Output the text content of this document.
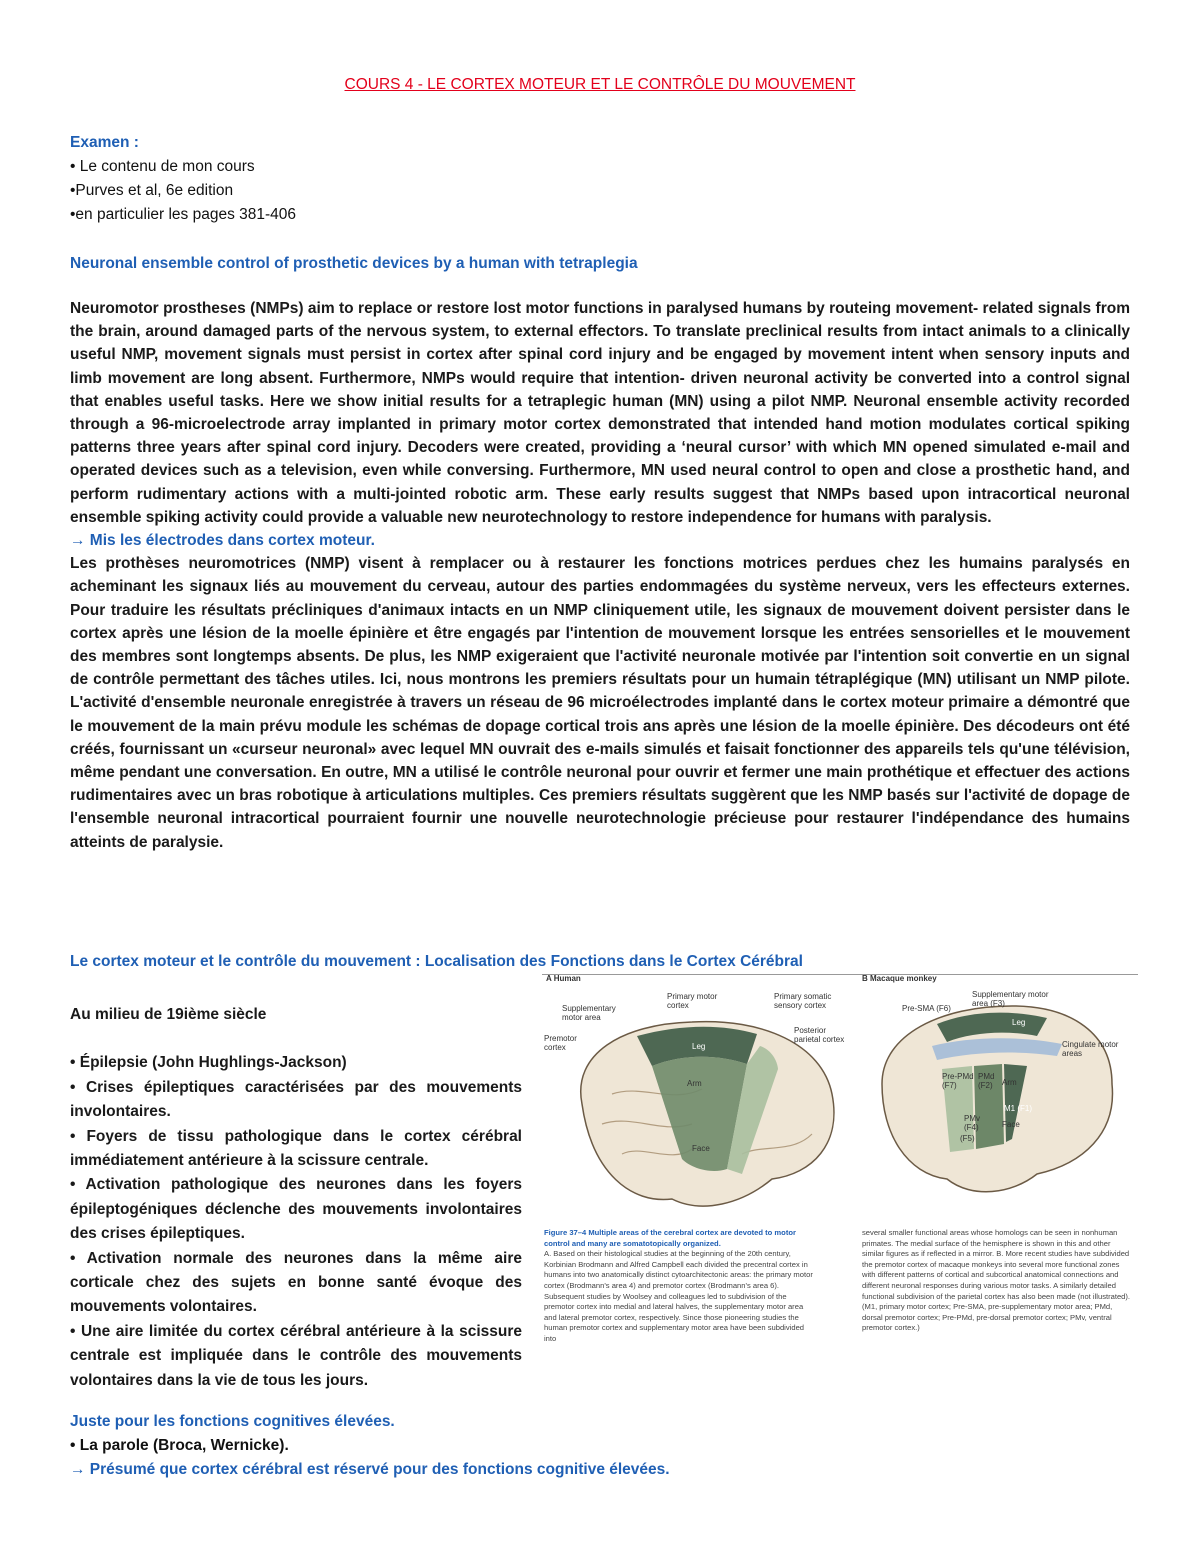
COURS 4 - LE CORTEX MOTEUR ET LE CONTRÔLE DU MOUVEMENT
Examen :
• Le contenu de mon cours
•Purves et al, 6e edition
•en particulier les pages 381-406
Neuronal ensemble control of prosthetic devices by a human with tetraplegia

Neuromotor prostheses (NMPs) aim to replace or restore lost motor functions in paralysed humans by routeing movement- related signals from the brain, around damaged parts of the nervous system, to external effectors. To translate preclinical results from intact animals to a clinically useful NMP, movement signals must persist in cortex after spinal cord injury and be engaged by movement intent when sensory inputs and limb movement are long absent. Furthermore, NMPs would require that intention- driven neuronal activity be converted into a control signal that enables useful tasks. Here we show initial results for a tetraplegic human (MN) using a pilot NMP. Neuronal ensemble activity recorded through a 96-microelectrode array implanted in primary motor cortex demonstrated that intended hand motion modulates cortical spiking patterns three years after spinal cord injury. Decoders were created, providing a ‘neural cursor’ with which MN opened simulated e-mail and operated devices such as a television, even while conversing. Furthermore, MN used neural control to open and close a prosthetic hand, and perform rudimentary actions with a multi-jointed robotic arm. These early results suggest that NMPs based upon intracortical neuronal ensemble spiking activity could provide a valuable new neurotechnology to restore independence for humans with paralysis.

→ Mis les électrodes dans cortex moteur.

Les prothèses neuromotrices (NMP) visent à remplacer ou à restaurer les fonctions motrices perdues chez les humains paralysés en acheminant les signaux liés au mouvement du cerveau, autour des parties endommagées du système nerveux, vers les effecteurs externes. Pour traduire les résultats précliniques d'animaux intacts en un NMP cliniquement utile, les signaux de mouvement doivent persister dans le cortex après une lésion de la moelle épinière et être engagés par l'intention de mouvement lorsque les entrées sensorielles et le mouvement des membres sont longtemps absents. De plus, les NMP exigeraient que l'activité neuronale motivée par l'intention soit convertie en un signal de contrôle permettant des tâches utiles. Ici, nous montrons les premiers résultats pour un humain tétraplégique (MN) utilisant un NMP pilote. L'activité d'ensemble neuronale enregistrée à travers un réseau de 96 microélectrodes implanté dans le cortex moteur primaire a démontré que le mouvement de la main prévu module les schémas de dopage cortical trois ans après une lésion de la moelle épinière. Des décodeurs ont été créés, fournissant un «curseur neuronal» avec lequel MN ouvrait des e-mails simulés et faisait fonctionner des appareils tels qu'une télévision, même pendant une conversation. En outre, MN a utilisé le contrôle neuronal pour ouvrir et fermer une main prothétique et effectuer des actions rudimentaires avec un bras robotique à articulations multiples. Ces premiers résultats suggèrent que les NMP basés sur l'activité de dopage de l'ensemble neuronal intracortical pourraient fournir une nouvelle neurotechnologie précieuse pour restaurer l'indépendance des humains atteints de paralysie.

Le cortex moteur et le contrôle du mouvement : Localisation des Fonctions dans le Cortex Cérébral

Au milieu de 19ième siècle

• Épilepsie (John Hughlings-Jackson)

• Crises épileptiques caractérisées par des mouvements involontaires.

• Foyers de tissu pathologique dans le cortex cérébral immédiatement antérieure à la scissure centrale.

• Activation pathologique des neurones dans les foyers épileptogéniques déclenche des mouvements involontaires des crises épileptiques.

• Activation normale des neurones dans la même aire corticale chez des sujets en bonne santé évoque des mouvements volontaires.

• Une aire limitée du cortex cérébral antérieure à la scissure centrale est impliquée dans le contrôle des mouvements volontaires dans la vie de tous les jours.

Juste pour les fonctions cognitives élevées.
• La parole (Broca, Wernicke).
→ Présumé que cortex cérébral est réservé pour des fonctions cognitive élevées.
A Human	B Macaque monkey
Primary motor cortex
Primary somatic sensory cortex
Supplementary motor area
Premotor cortex
Posterior parietal cortex
Leg
Arm
Face
Supplementary motor area (F3)
Pre-SMA (F6)
Cingulate motor areas
Leg
Pre-PMd (F7)
PMd (F2)	Arm
M1 (F1)
PMv (F4)
(F5)
Face
Figure 37–4 Multiple areas of the cerebral cortex are devoted to motor control and many are somatotopically organized.
A. Based on their histological studies at the beginning of the 20th century, Korbinian Brodmann and Alfred Campbell each divided the precentral cortex in humans into two anatomically distinct cytoarchitectonic areas: the primary motor cortex (Brodmann's area 4) and premotor cortex (Brodmann's area 6). Subsequent studies by Woolsey and colleagues led to subdivision of the premotor cortex into medial and lateral halves, the supplementary motor area and lateral premotor cortex, respectively. Since those pioneering studies the human premotor cortex and supplementary motor area have been subdivided into
several smaller functional areas whose homologs can be seen in nonhuman primates. The medial surface of the hemisphere is shown in this and other similar figures as if reflected in a mirror. B. More recent studies have subdivided the premotor cortex of macaque monkeys into several more functional zones with different patterns of cortical and subcortical anatomical connections and different neuronal responses during various motor tasks. A similarly detailed functional subdivision of the parietal cortex has also been made (not illustrated). (M1, primary motor cortex; Pre-SMA, pre-supplementary motor area; PMd, dorsal premotor cortex; Pre-PMd, pre-dorsal premotor cortex; PMv, ventral premotor cortex.)
